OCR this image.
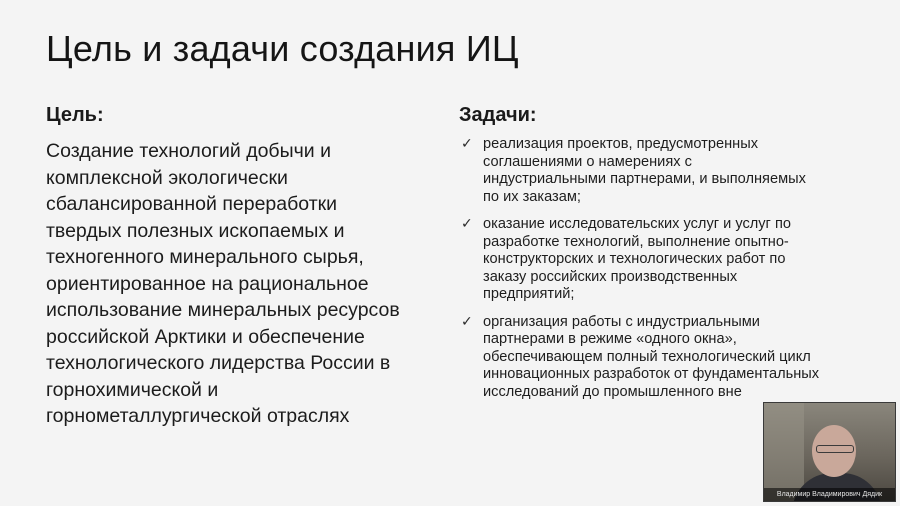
Цель и задачи создания ИЦ
Цель:
Создание технологий добычи и
комплексной экологически
сбалансированной переработки
твердых полезных ископаемых и
техногенного минерального сырья,
ориентированное на рациональное
использование минеральных ресурсов
российской Арктики и обеспечение
технологического лидерства России в
горнохимической и
горнометаллургической отраслях
Задачи:
✓ реализация проектов, предусмотренных
соглашениями о намерениях с
индустриальными партнерами, и выполняемых
по их заказам;
✓ оказание исследовательских услуг и услуг по
разработке технологий, выполнение опытно-
конструкторских и технологических работ по
заказу российских производственных
предприятий;
✓ организация работы с индустриальными
партнерами в режиме «одного окна»,
обеспечивающем полный технологический цикл
инновационных разработок от фундаментальных
исследований до промышленного вне
Владимир Владимирович Дядик
